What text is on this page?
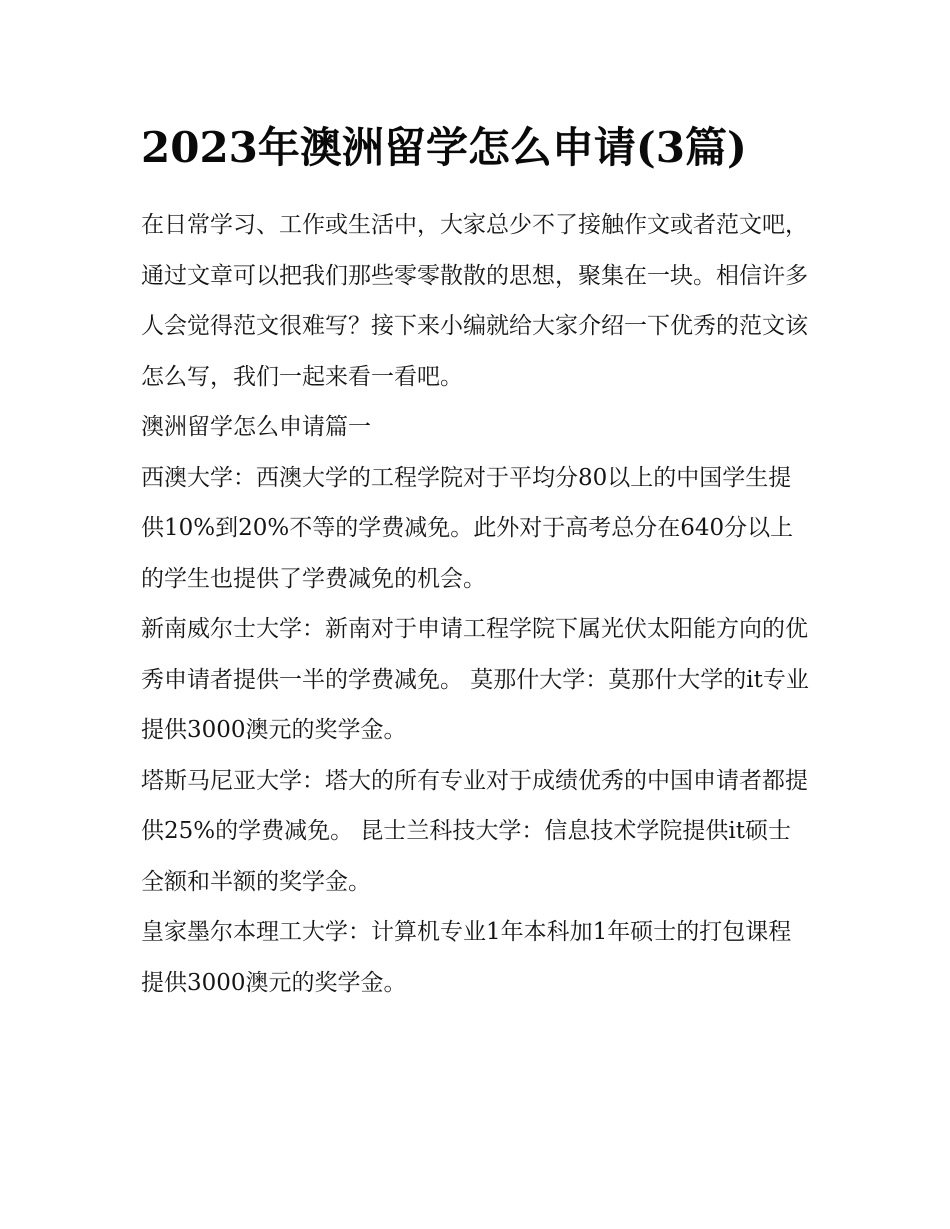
2023年澳洲留学怎么申请(3篇)

在日常学习、工作或生活中，大家总少不了接触作文或者范文吧，通过文章可以把我们那些零零散散的思想，聚集在一块。相信许多人会觉得范文很难写？接下来小编就给大家介绍一下优秀的范文该怎么写，我们一起来看一看吧。

澳洲留学怎么申请篇一

西澳大学：西澳大学的工程学院对于平均分80以上的中国学生提供10%到20%不等的学费减免。此外对于高考总分在640分以上的学生也提供了学费减免的机会。

新南威尔士大学：新南对于申请工程学院下属光伏太阳能方向的优秀申请者提供一半的学费减免。 莫那什大学：莫那什大学的it专业提供3000澳元的奖学金。

塔斯马尼亚大学：塔大的所有专业对于成绩优秀的中国申请者都提供25%的学费减免。 昆士兰科技大学：信息技术学院提供it硕士全额和半额的奖学金。

皇家墨尔本理工大学：计算机专业1年本科加1年硕士的打包课程提供3000澳元的奖学金。
